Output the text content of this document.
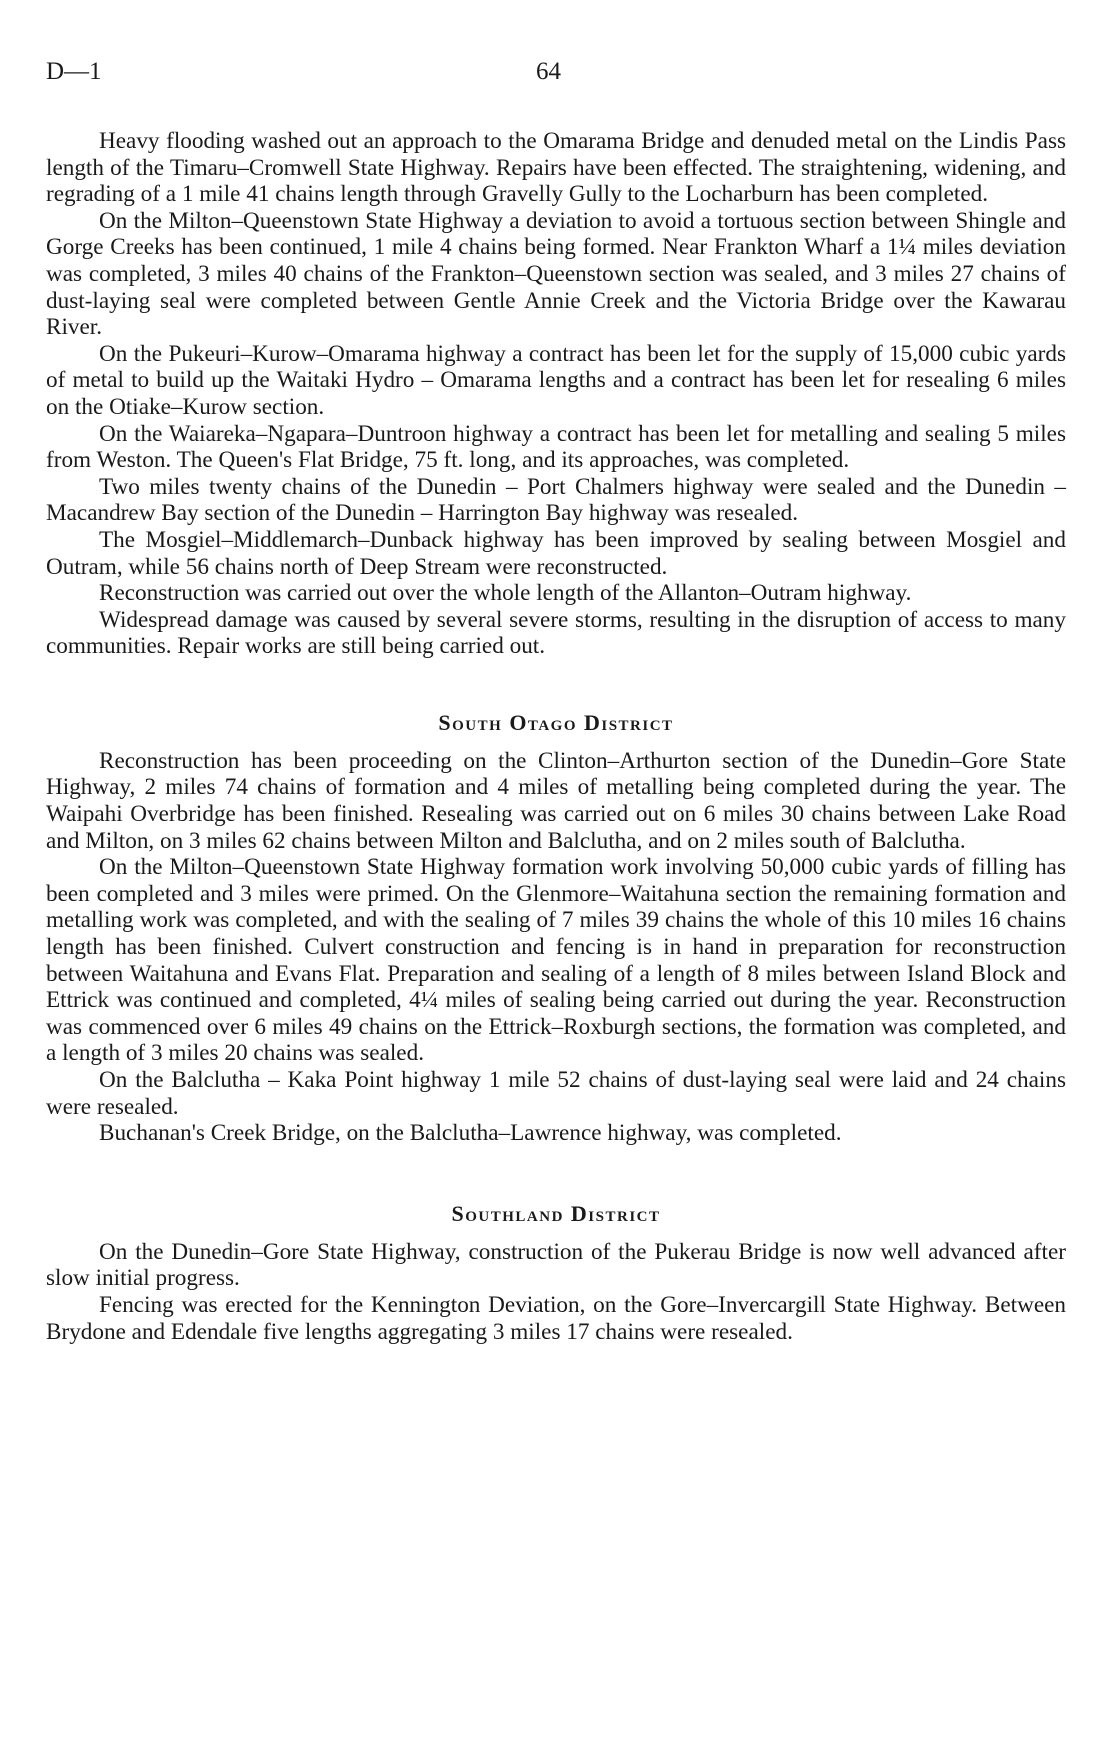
D—1	64

Heavy flooding washed out an approach to the Omarama Bridge and denuded metal on the Lindis Pass length of the Timaru–Cromwell State Highway. Repairs have been effected. The straightening, widening, and regrading of a 1 mile 41 chains length through Gravelly Gully to the Locharburn has been completed.

On the Milton–Queenstown State Highway a deviation to avoid a tortuous section between Shingle and Gorge Creeks has been continued, 1 mile 4 chains being formed. Near Frankton Wharf a 1¼ miles deviation was completed, 3 miles 40 chains of the Frankton–Queenstown section was sealed, and 3 miles 27 chains of dust-laying seal were completed between Gentle Annie Creek and the Victoria Bridge over the Kawarau River.

On the Pukeuri–Kurow–Omarama highway a contract has been let for the supply of 15,000 cubic yards of metal to build up the Waitaki Hydro – Omarama lengths and a contract has been let for resealing 6 miles on the Otiake–Kurow section.

On the Waiareka–Ngapara–Duntroon highway a contract has been let for metalling and sealing 5 miles from Weston. The Queen's Flat Bridge, 75 ft. long, and its approaches, was completed.

Two miles twenty chains of the Dunedin – Port Chalmers highway were sealed and the Dunedin – Macandrew Bay section of the Dunedin – Harrington Bay highway was resealed.

The Mosgiel–Middlemarch–Dunback highway has been improved by sealing between Mosgiel and Outram, while 56 chains north of Deep Stream were reconstructed.

Reconstruction was carried out over the whole length of the Allanton–Outram highway.

Widespread damage was caused by several severe storms, resulting in the disruption of access to many communities. Repair works are still being carried out.

South Otago District

Reconstruction has been proceeding on the Clinton–Arthurton section of the Dunedin–Gore State Highway, 2 miles 74 chains of formation and 4 miles of metalling being completed during the year. The Waipahi Overbridge has been finished. Resealing was carried out on 6 miles 30 chains between Lake Road and Milton, on 3 miles 62 chains between Milton and Balclutha, and on 2 miles south of Balclutha.

On the Milton–Queenstown State Highway formation work involving 50,000 cubic yards of filling has been completed and 3 miles were primed. On the Glenmore–Waitahuna section the remaining formation and metalling work was completed, and with the sealing of 7 miles 39 chains the whole of this 10 miles 16 chains length has been finished. Culvert construction and fencing is in hand in preparation for reconstruction between Waitahuna and Evans Flat. Preparation and sealing of a length of 8 miles between Island Block and Ettrick was continued and completed, 4¼ miles of sealing being carried out during the year. Reconstruction was commenced over 6 miles 49 chains on the Ettrick–Roxburgh sections, the formation was completed, and a length of 3 miles 20 chains was sealed.

On the Balclutha – Kaka Point highway 1 mile 52 chains of dust-laying seal were laid and 24 chains were resealed.

Buchanan's Creek Bridge, on the Balclutha–Lawrence highway, was completed.

Southland District

On the Dunedin–Gore State Highway, construction of the Pukerau Bridge is now well advanced after slow initial progress.

Fencing was erected for the Kennington Deviation, on the Gore–Invercargill State Highway. Between Brydone and Edendale five lengths aggregating 3 miles 17 chains were resealed.
